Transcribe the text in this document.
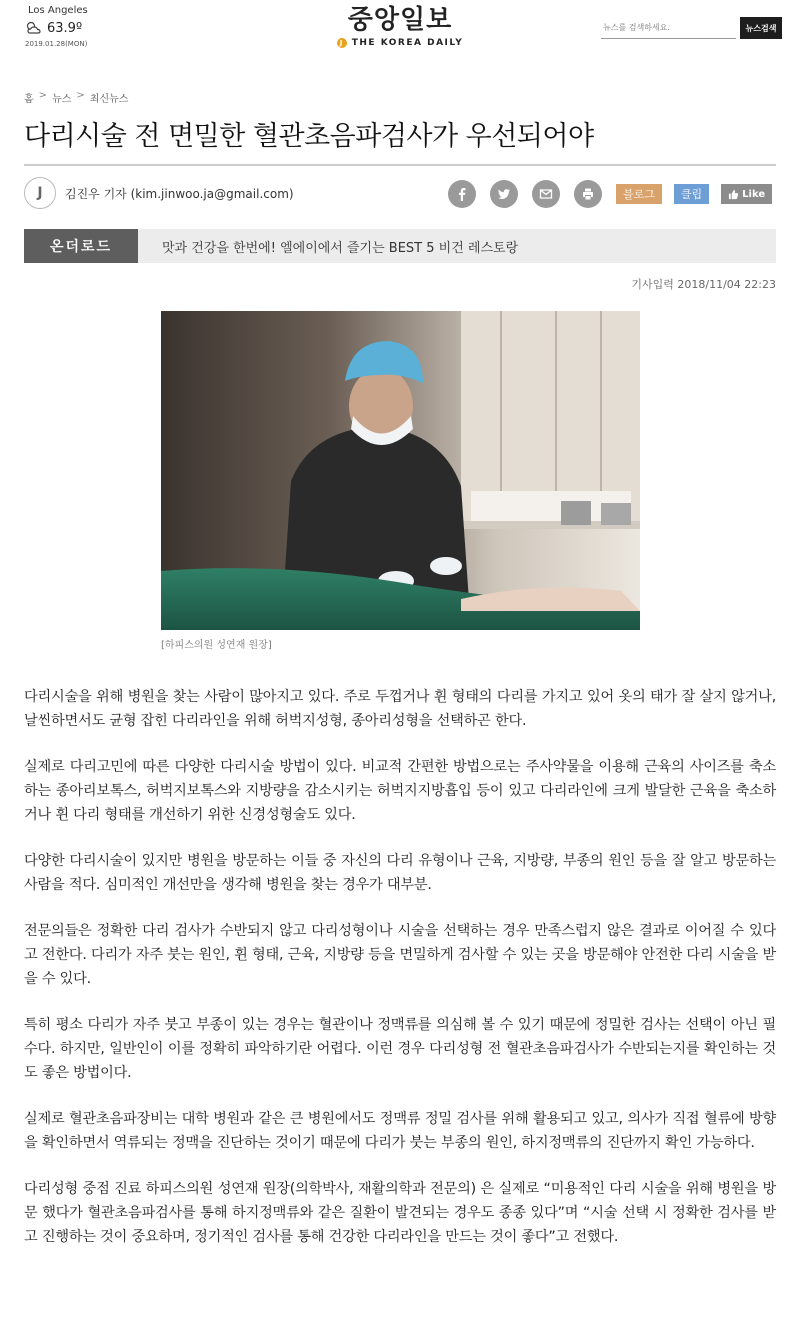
Los Angeles
63.9º
2019.01.28(MON)
중앙일보
J THE KOREA DAILY
뉴스를 검색하세요.
뉴스검색
홈 > 뉴스 > 최신뉴스
다리시술 전 면밀한 혈관초음파검사가 우선되어야
J	김진우 기자 (kim.jinwoo.ja@gmail.com)	블로그	클립	Like
온더로드	맛과 건강을 한번에! 엘에이에서 즐기는 BEST 5 비건 레스토랑
기사입력 2018/11/04 22:23
[하피스의원 성연재 원장]

다리시술을 위해 병원을 찾는 사람이 많아지고 있다. 주로 두껍거나 휜 형태의 다리를 가지고 있어 옷의 태가 잘 살지 않거나, 날씬하면서도 균형 잡힌 다리라인을 위해 허벅지성형, 종아리성형을 선택하곤 한다.

실제로 다리고민에 따른 다양한 다리시술 방법이 있다. 비교적 간편한 방법으로는 주사약물을 이용해 근육의 사이즈를 축소하는 종아리보톡스, 허벅지보톡스와 지방량을 감소시키는 허벅지지방흡입 등이 있고 다리라인에 크게 발달한 근육을 축소하거나 휜 다리 형태를 개선하기 위한 신경성형술도 있다.

다양한 다리시술이 있지만 병원을 방문하는 이들 중 자신의 다리 유형이나 근육, 지방량, 부종의 원인 등을 잘 알고 방문하는 사람을 적다. 심미적인 개선만을 생각해 병원을 찾는 경우가 대부분.

전문의들은 정확한 다리 검사가 수반되지 않고 다리성형이나 시술을 선택하는 경우 만족스럽지 않은 결과로 이어질 수 있다고 전한다. 다리가 자주 붓는 원인, 휜 형태, 근육, 지방량 등을 면밀하게 검사할 수 있는 곳을 방문해야 안전한 다리 시술을 받을 수 있다.

특히 평소 다리가 자주 붓고 부종이 있는 경우는 혈관이나 정맥류를 의심해 볼 수 있기 때문에 정밀한 검사는 선택이 아닌 필수다. 하지만, 일반인이 이를 정확히 파악하기란 어렵다. 이런 경우 다리성형 전 혈관초음파검사가 수반되는지를 확인하는 것도 좋은 방법이다.

실제로 혈관초음파장비는 대학 병원과 같은 큰 병원에서도 정맥류 정밀 검사를 위해 활용되고 있고, 의사가 직접 혈류에 방향을 확인하면서 역류되는 정맥을 진단하는 것이기 때문에 다리가 붓는 부종의 원인, 하지정맥류의 진단까지 확인 가능하다.

다리성형 중점 진료 하피스의원 성연재 원장(의학박사, 재활의학과 전문의) 은 실제로 “미용적인 다리 시술을 위해 병원을 방문 했다가 혈관초음파검사를 통해 하지정맥류와 같은 질환이 발견되는 경우도 종종 있다”며 “시술 선택 시 정확한 검사를 받고 진행하는 것이 중요하며, 정기적인 검사를 통해 건강한 다리라인을 만드는 것이 좋다”고 전했다.
